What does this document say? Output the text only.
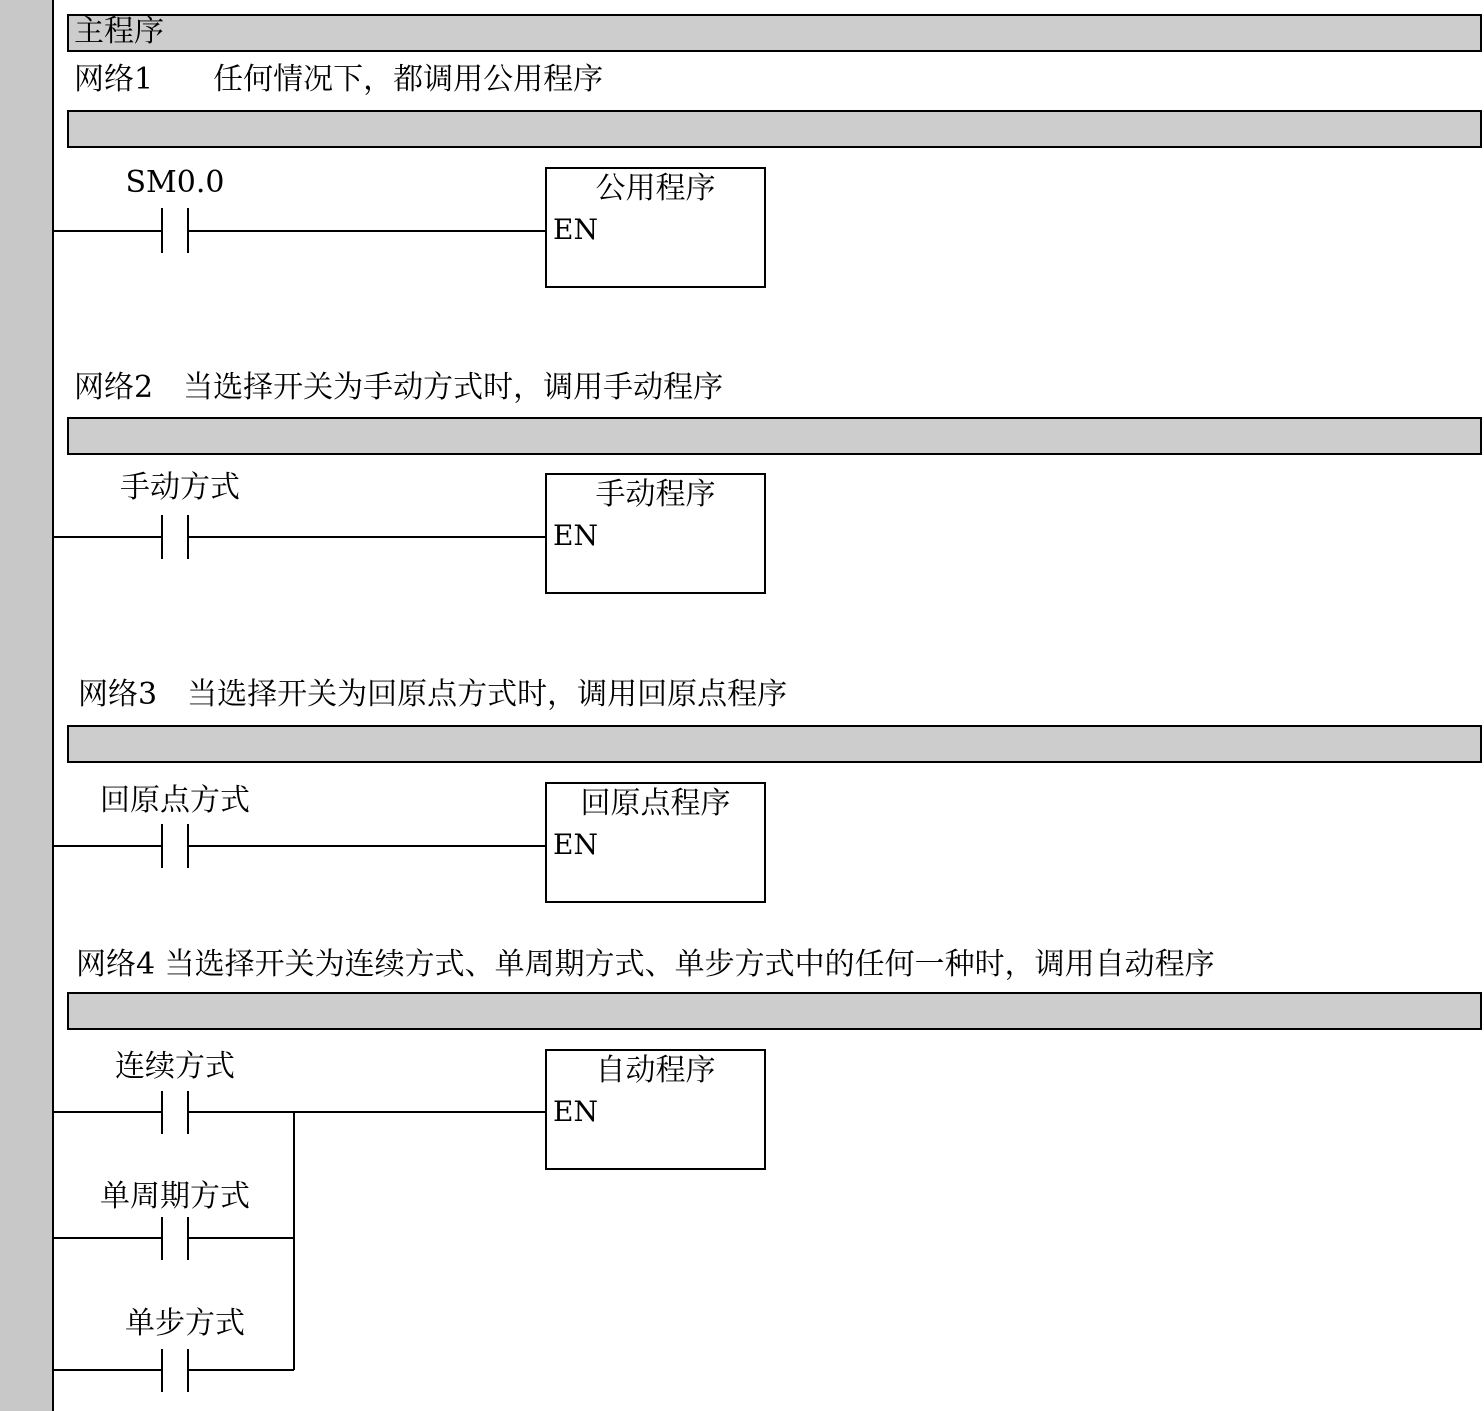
主程序
网络1　　任何情况下，都调用公用程序
SM0.0	公用程序
EN
网络2　当选择开关为手动方式时，调用手动程序
手动方式	手动程序
EN
网络3　当选择开关为回原点方式时，调用回原点程序
回原点方式	回原点程序
EN
网络4 当选择开关为连续方式、单周期方式、单步方式中的任何一种时，调用自动程序
连续方式
单周期方式
单步方式
自动程序
EN
